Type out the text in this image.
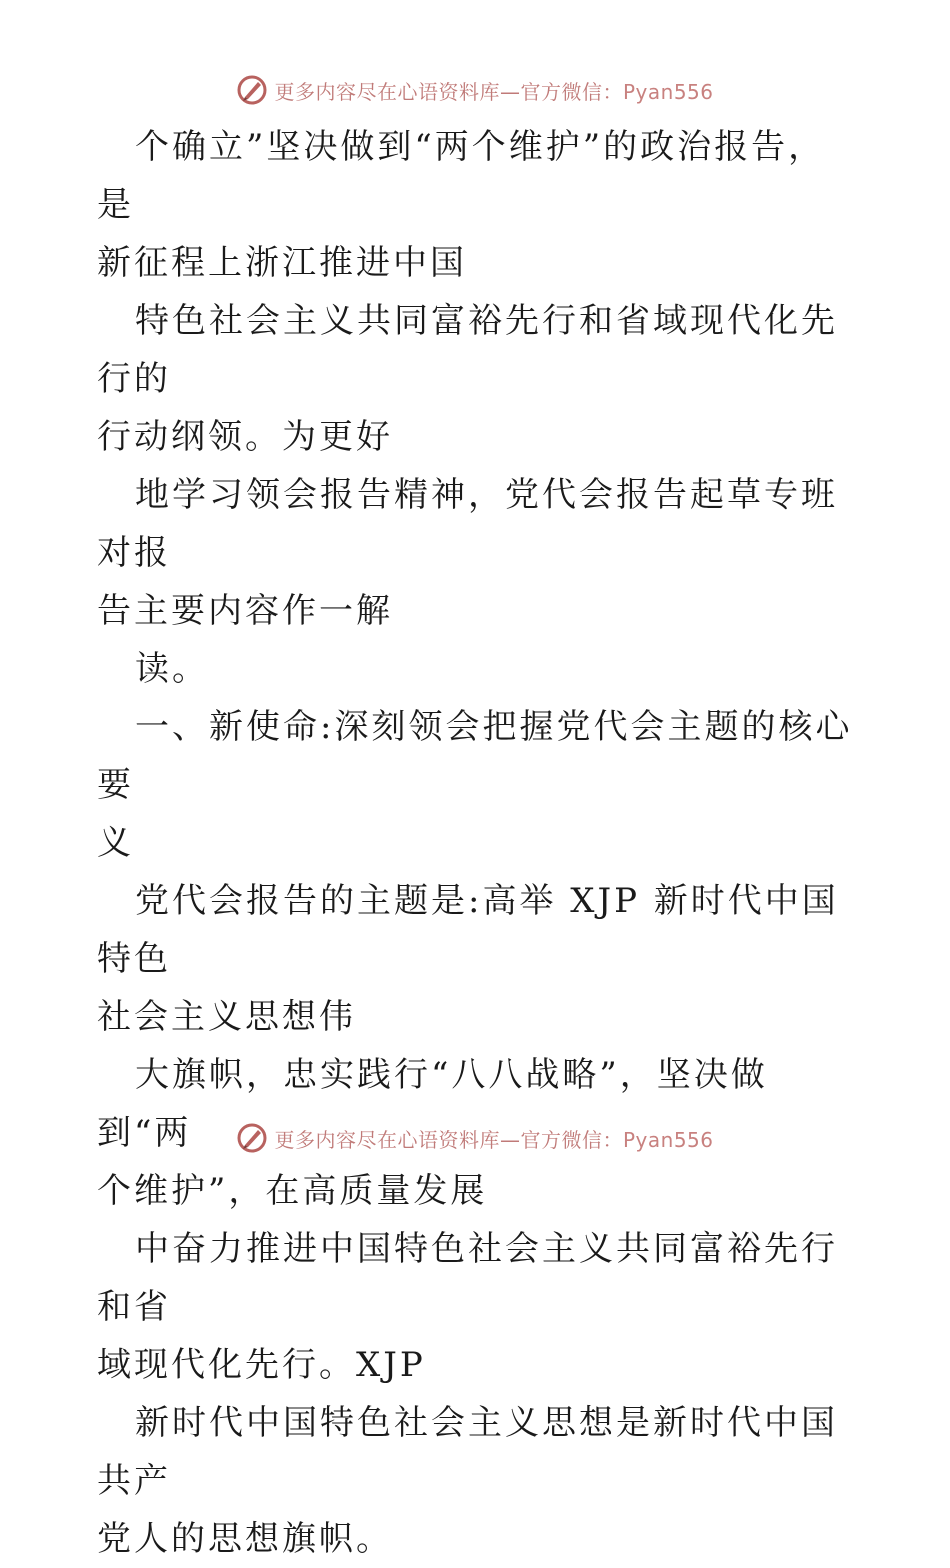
更多内容尽在心语资料库—官方微信：Pyan556

个确立”坚决做到“两个维护”的政治报告，是
新征程上浙江推进中国

特色社会主义共同富裕先行和省域现代化先行的
行动纲领。为更好

地学习领会报告精神，党代会报告起草专班对报
告主要内容作一解

读。

一、新使命:深刻领会把握党代会主题的核心要
义

党代会报告的主题是:高举 XJP 新时代中国特色
社会主义思想伟

大旗帜，忠实践行“八八战略”，坚决做到“两
个维护”，在高质量发展

中奋力推进中国特色社会主义共同富裕先行和省
域现代化先行。XJP

新时代中国特色社会主义思想是新时代中国共产
党人的思想旗帜。

更多内容尽在心语资料库—官方微信：Pyan556
